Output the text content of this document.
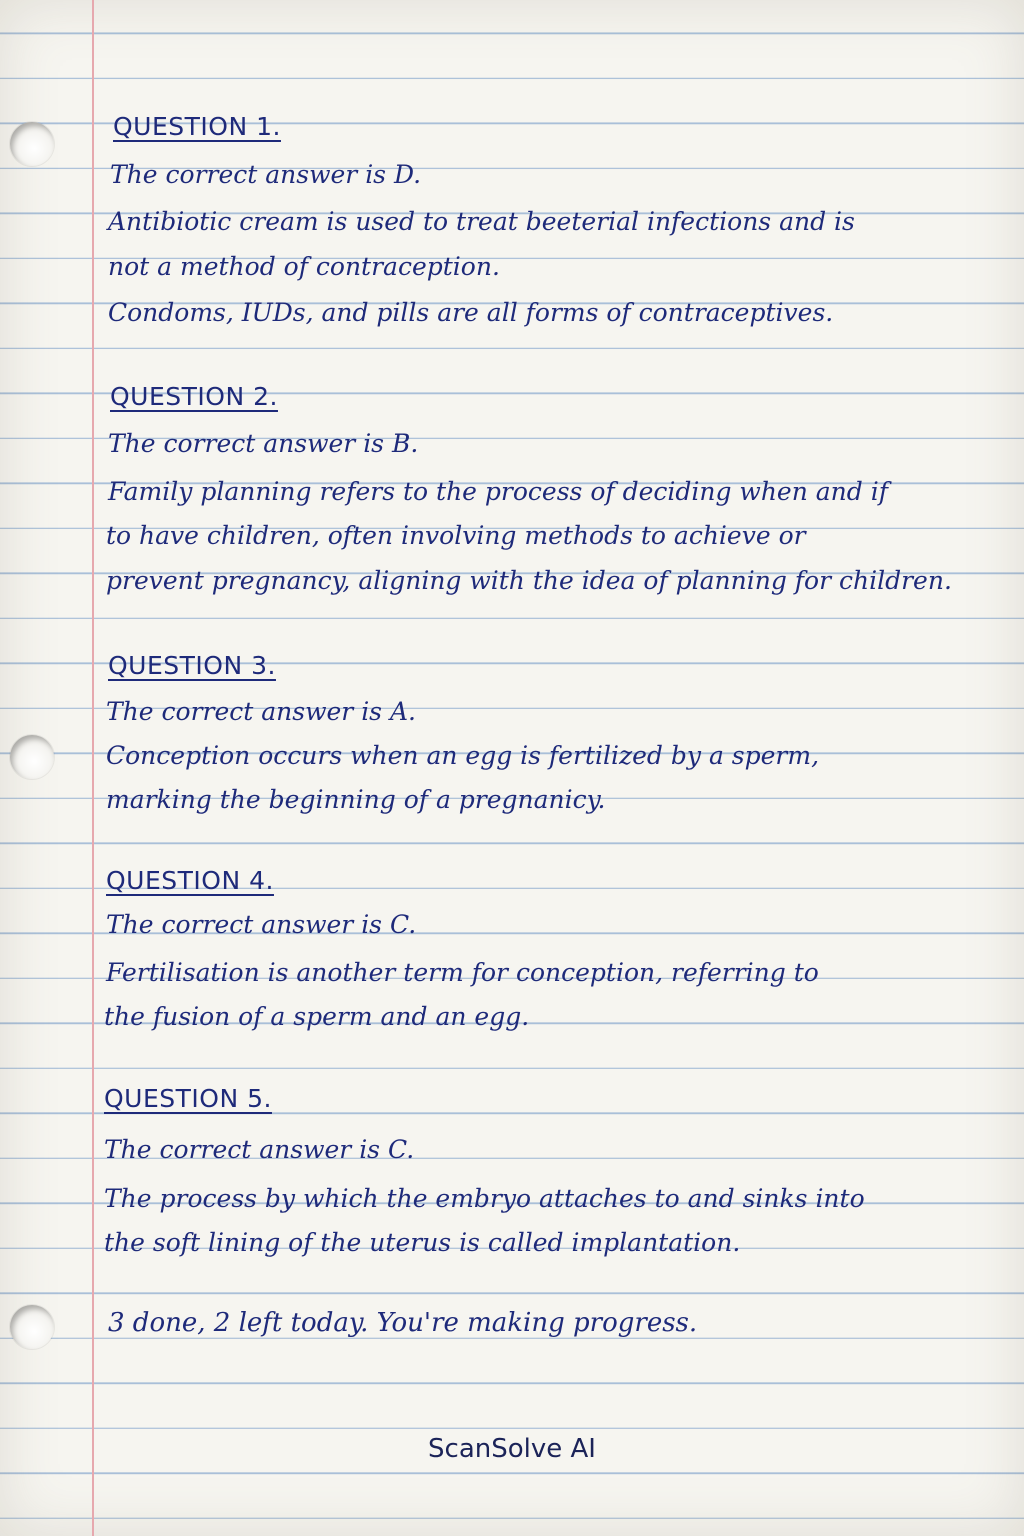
QUESTION 1.
The correct answer is D.
Antibiotic cream is used to treat beeterial infections and is
not a method of contraception.
Condoms, IUDs, and pills are all forms of contraceptives.
QUESTION 2.
The correct answer is B.
Family planning refers to the process of deciding when and if
to have children, often involving methods to achieve or
prevent pregnancy, aligning with the idea of planning for children.
QUESTION 3.
The correct answer is A.
Conception occurs when an egg is fertilized by a sperm,
marking the beginning of a pregnanicy.
QUESTION 4.
The correct answer is C.
Fertilisation is another term for conception, referring to
the fusion of a sperm and an egg.
QUESTION 5.
The correct answer is C.
The process by which the embryo attaches to and sinks into
the soft lining of the uterus is called implantation.
3 done, 2 left today. You're making progress.
ScanSolve AI
